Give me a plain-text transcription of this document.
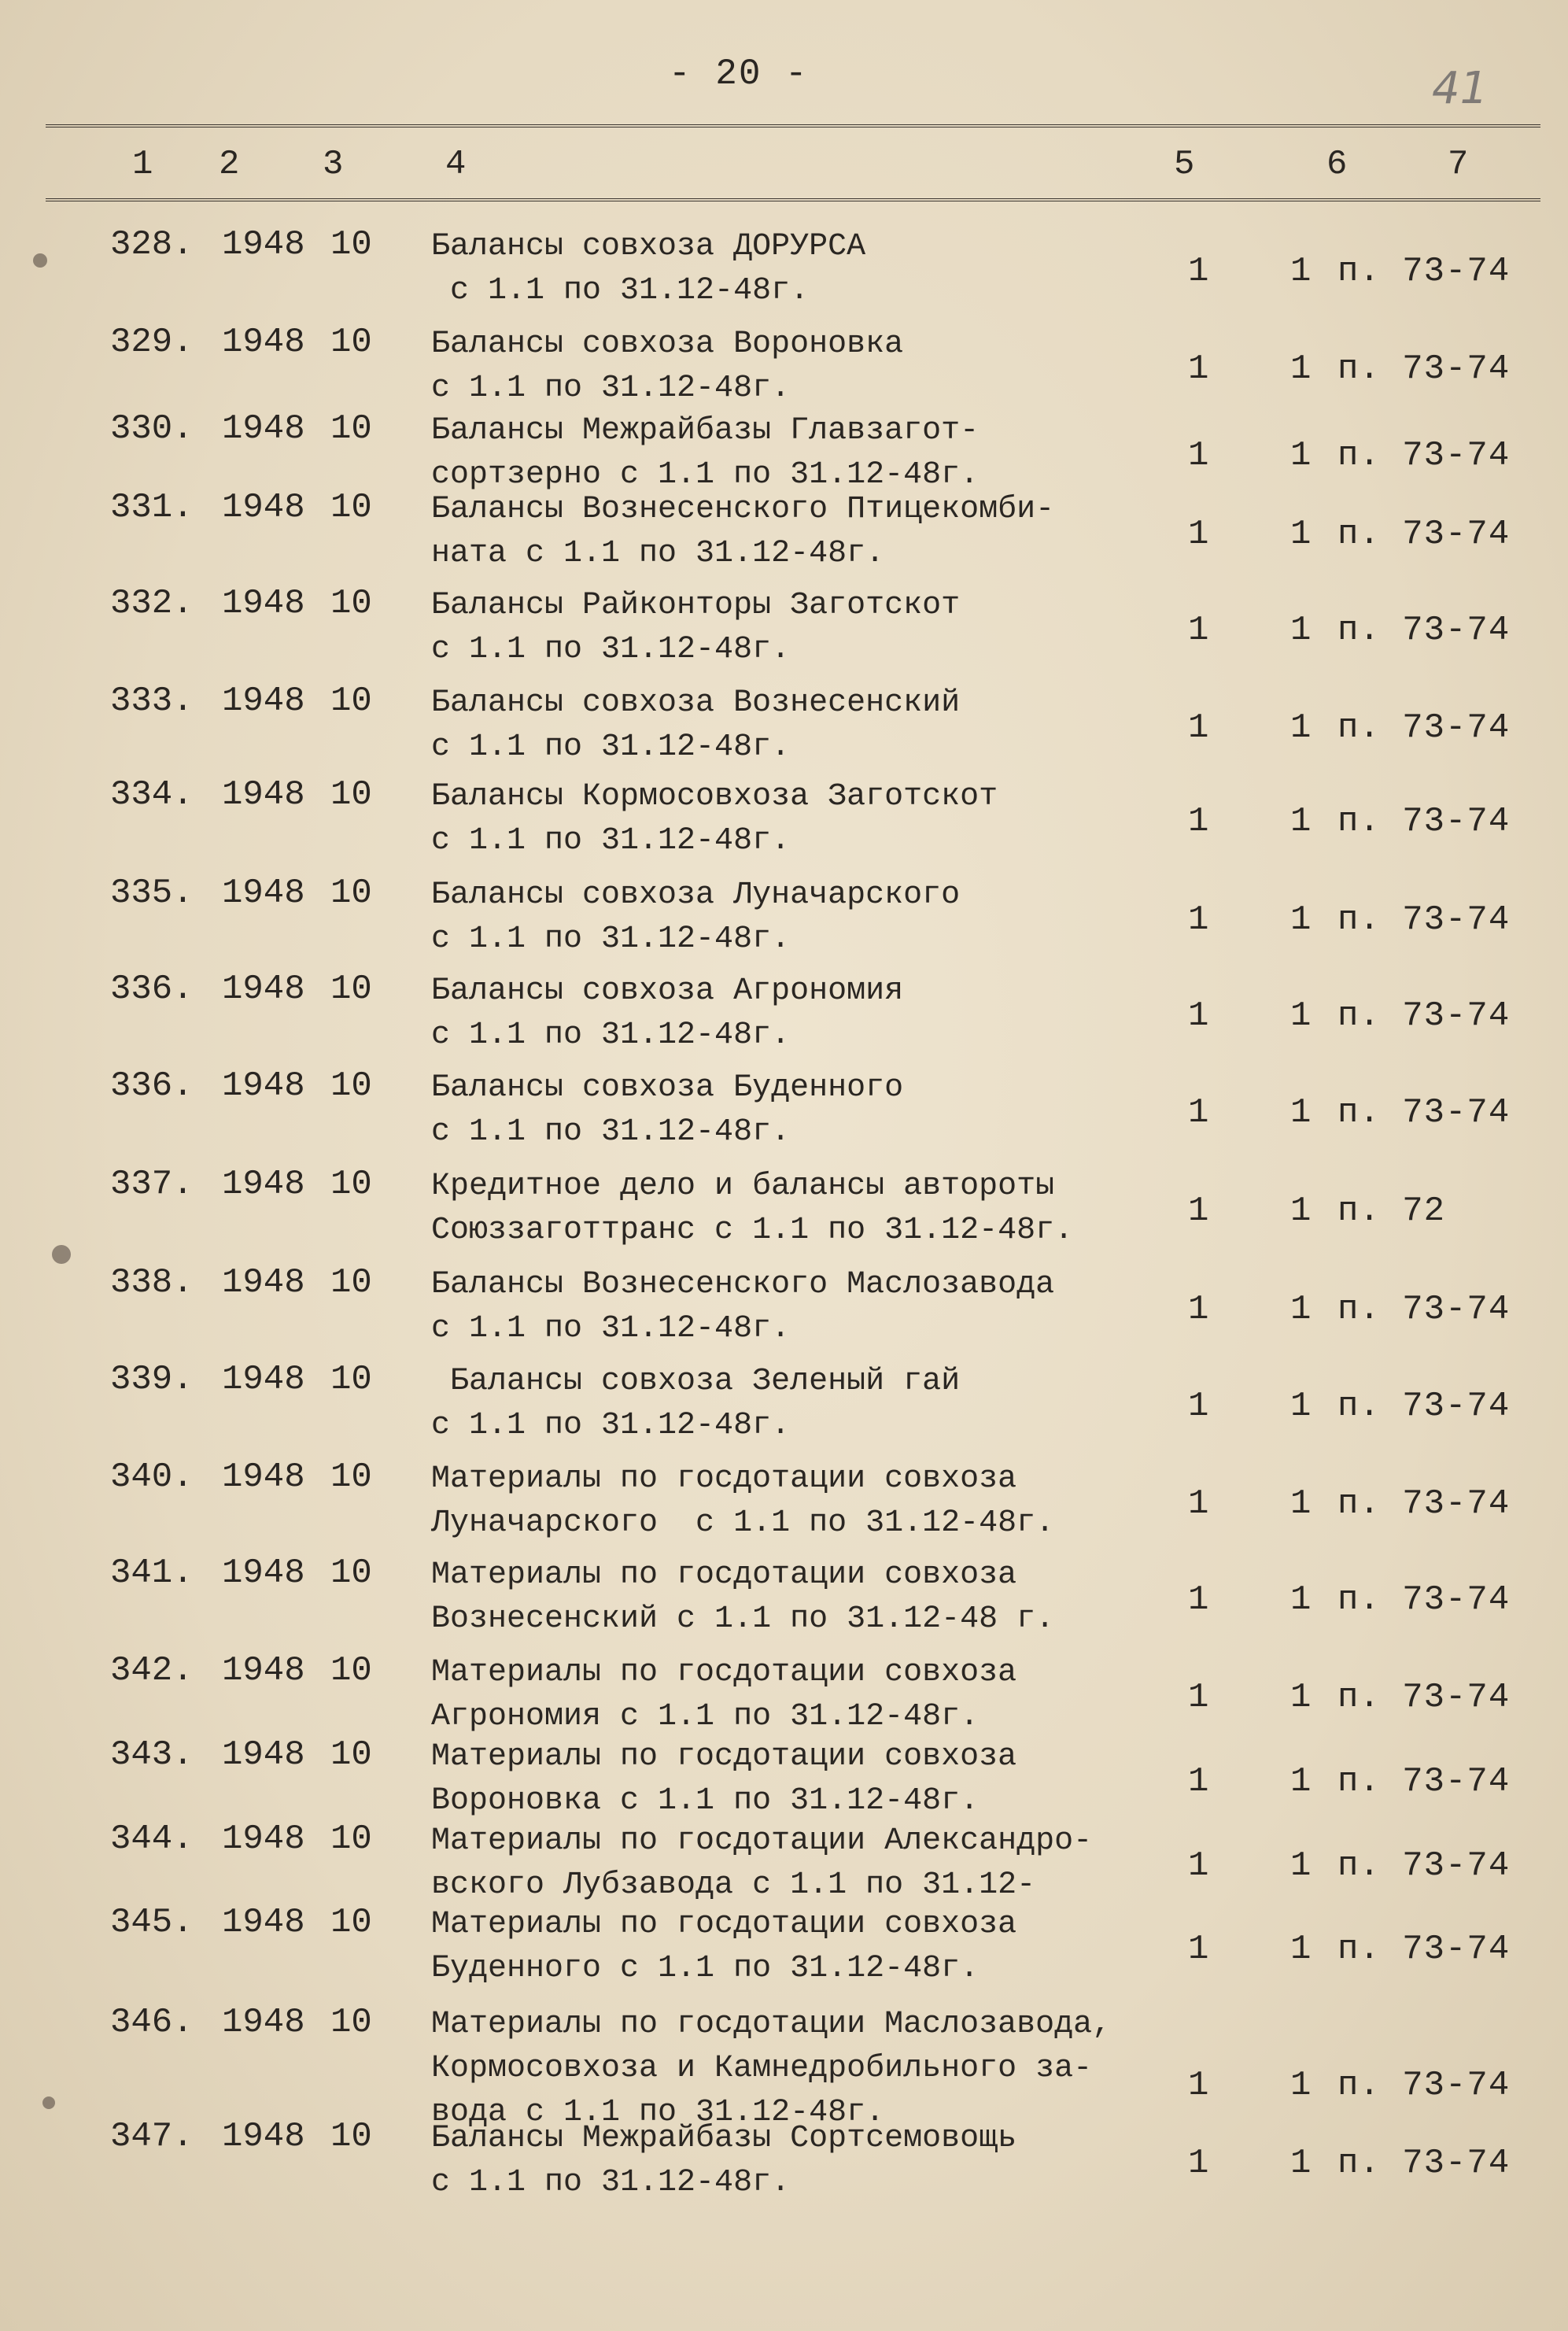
- 20 -	41
1 2 3	4	5	6	7
328. 1948 10 Балансы совхоза ДОРУРСА
с 1.1 по 31.12-48г.	1 1 п. 73-74
329. 1948 10 Балансы совхоза Вороновка
с 1.1 по 31.12-48г.	1 1 п. 73-74
330. 1948 10 Балансы Межрайбазы Главзагот-
сортзерно с 1.1 по 31.12-48г.	1 1 п. 73-74
331. 1948 10 Балансы Вознесенского Птицекомби-
ната с 1.1 по 31.12-48г.	1 1 п. 73-74
332. 1948 10 Балансы Райконторы Заготскот
с 1.1 по 31.12-48г.	1 1 п. 73-74
333. 1948 10 Балансы совхоза Вознесенский
с 1.1 по 31.12-48г.	1 1 п. 73-74
334. 1948 10 Балансы Кормосовхоза Заготскот
с 1.1 по 31.12-48г.	1 1 п. 73-74
335. 1948 10 Балансы совхоза Луначарского
с 1.1 по 31.12-48г.	1 1 п. 73-74
336. 1948 10 Балансы совхоза Агрономия
с 1.1 по 31.12-48г.	1 1 п. 73-74
336. 1948 10 Балансы совхоза Буденного
с 1.1 по 31.12-48г.	1 1 п. 73-74
337. 1948 10 Кредитное дело и балансы автороты
Союззаготтранс с 1.1 по 31.12-48г.	1 1 п. 72
338. 1948 10 Балансы Вознесенского Маслозавода
с 1.1 по 31.12-48г.	1 1 п. 73-74
339. 1948 10	Балансы совхоза Зеленый гай
с 1.1 по 31.12-48г.	1 1 п. 73-74
340. 1948 10 Материалы по госдотации совхоза
Луначарского  с 1.1 по 31.12-48г.	1 1 п. 73-74
341. 1948 10 Материалы по госдотации совхоза
Вознесенский с 1.1 по 31.12-48 г.	1 1 п. 73-74
342. 1948 10 Материалы по госдотации совхоза
Агрономия с 1.1 по 31.12-48г.	1 1 п. 73-74
343. 1948 10 Материалы по госдотации совхоза
Вороновка с 1.1 по 31.12-48г.	1 1 п. 73-74
344. 1948 10 Материалы по госдотации Александро-
вского Лубзавода с 1.1 по 31.12-	1 1 п. 73-74
345. 1948 10 Материалы по госдотации совхоза
Буденного с 1.1 по 31.12-48г.	1 1 п. 73-74
346. 1948 10 Материалы по госдотации Маслозавода,
Кормосовхоза и Камнедробильного за-
вода с 1.1 по 31.12-48г.
1 1 п. 73-74
347. 1948 10 Балансы Межрайбазы Сортсемовощь
с 1.1 по 31.12-48г.	1 1 п. 73-74
